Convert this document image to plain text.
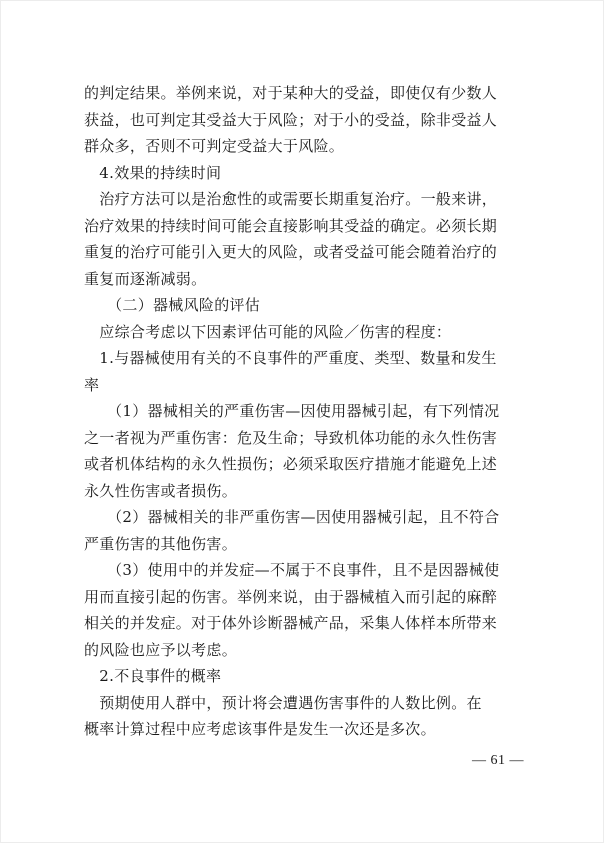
的判定结果。举例来说，对于某种大的受益，即使仅有少数人
获益，也可判定其受益大于风险；对于小的受益，除非受益人
群众多，否则不可判定受益大于风险。
　4.效果的持续时间
　治疗方法可以是治愈性的或需要长期重复治疗。一般来讲，
治疗效果的持续时间可能会直接影响其受益的确定。必须长期
重复的治疗可能引入更大的风险，或者受益可能会随着治疗的
重复而逐渐减弱。
　　（二）器械风险的评估
　应综合考虑以下因素评估可能的风险／伤害的程度：
　1.与器械使用有关的不良事件的严重度、类型、数量和发生
率
　　（1）器械相关的严重伤害—因使用器械引起，有下列情况
之一者视为严重伤害：危及生命；导致机体功能的永久性伤害
或者机体结构的永久性损伤；必须采取医疗措施才能避免上述
永久性伤害或者损伤。
　　（2）器械相关的非严重伤害—因使用器械引起，且不符合
严重伤害的其他伤害。
　　（3）使用中的并发症—不属于不良事件，且不是因器械使
用而直接引起的伤害。举例来说，由于器械植入而引起的麻醉
相关的并发症。对于体外诊断器械产品，采集人体样本所带来
的风险也应予以考虑。
　2.不良事件的概率
　预期使用人群中，预计将会遭遇伤害事件的人数比例。在
概率计算过程中应考虑该事件是发生一次还是多次。
— 61 —
